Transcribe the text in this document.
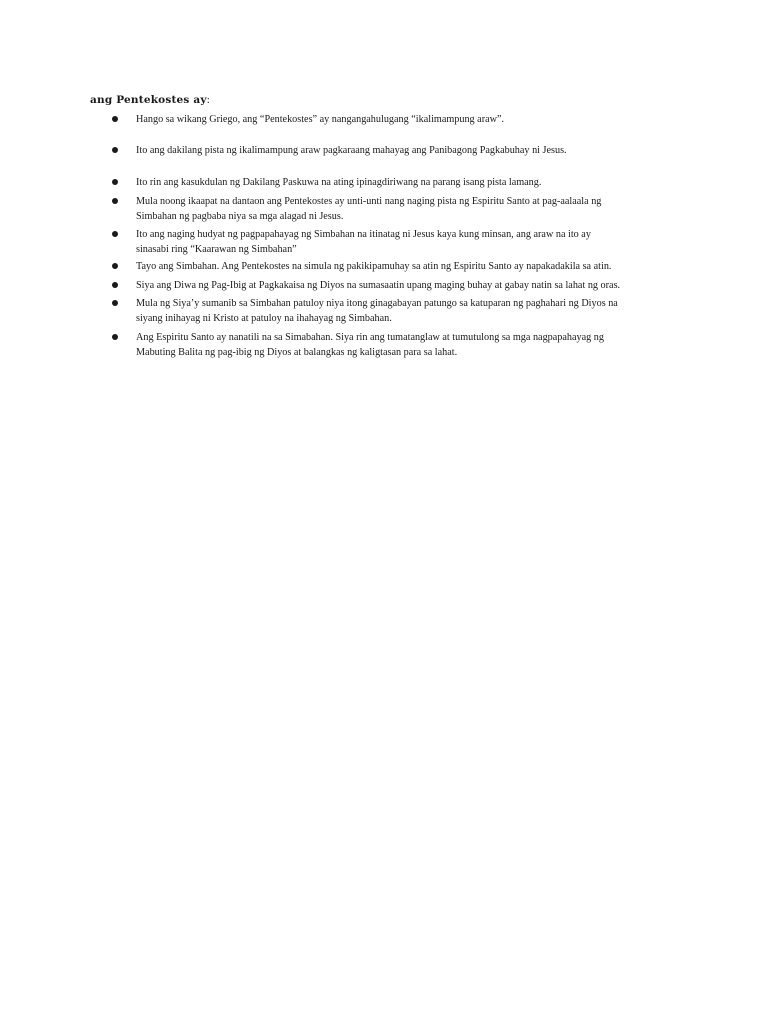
ang Pentekostes ay:
Hango sa wikang Griego, ang “Pentekostes” ay nangangahulugang “ikalimampung araw”.
Ito ang dakilang pista ng ikalimampung araw pagkaraang mahayag ang Panibagong Pagkabuhay ni Jesus.
Ito rin ang kasukdulan ng Dakilang Paskuwa na ating ipinagdiriwang na parang isang pista lamang.
Mula noong ikaapat na dantaon ang Pentekostes ay unti-unti nang naging pista ng Espiritu Santo at pag-aalaala ng
Simbahan ng pagbaba niya sa mga alagad ni Jesus.
Ito ang naging hudyat ng pagpapahayag ng Simbahan na itinatag ni Jesus kaya kung minsan, ang araw na ito ay
sinasabi ring “Kaarawan ng Simbahan”
Tayo ang Simbahan. Ang Pentekostes na simula ng pakikipamuhay sa atin ng Espiritu Santo ay napakadakila sa atin.
Siya ang Diwa ng Pag-Ibig at Pagkakaisa ng Diyos na sumasaatin upang maging buhay at gabay natin sa lahat ng oras.
Mula ng Siya’y sumanib sa Simbahan patuloy niya itong ginagabayan patungo sa katuparan ng paghahari ng Diyos na
siyang inihayag ni Kristo at patuloy na ihahayag ng Simbahan.
Ang Espiritu Santo ay nanatili na sa Simabahan. Siya rin ang tumatanglaw at tumutulong sa mga nagpapahayag ng
Mabuting Balita ng pag-ibig ng Diyos at balangkas ng kaligtasan para sa lahat.
